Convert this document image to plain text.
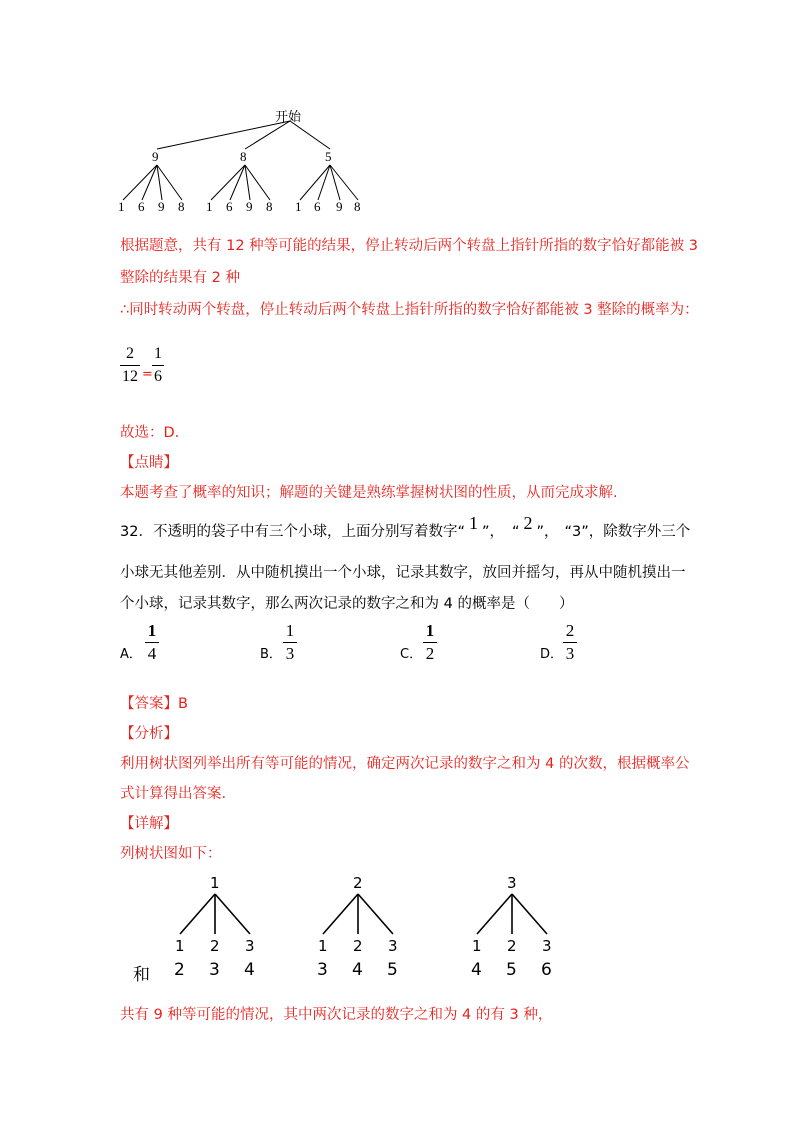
开始
9	8	5
1 6 9 8 1 6 9 8 1 6 9 8
根据题意，共有 12 种等可能的结果，停止转动后两个转盘上指针所指的数字恰好都能被 3
整除的结果有 2 种
∴同时转动两个转盘，停止转动后两个转盘上指针所指的数字恰好都能被 3 整除的概率为：
2
12 =
1
6
故选：D.
【点睛】
本题考查了概率的知识；解题的关键是熟练掌握树状图的性质，从而完成求解.
32．不透明的袋子中有三个小球，上面分别写着数字“ 1 ”， “ 2 ”， “3”，除数字外三个
小球无其他差别．从中随机摸出一个小球，记录其数字，放回并摇匀，再从中随机摸出一
个小球，记录其数字，那么两次记录的数字之和为 4 的概率是（　　）
A．
1
4	B．
1
3	C．
1
2	D．
2
3
【答案】B
【分析】
利用树状图列举出所有等可能的情况，确定两次记录的数字之和为 4 的次数，根据概率公
式计算得出答案.
【详解】
列树状图如下：
1	2	3
1 2 3	1 2 3	1 2 3
和 2 3 4	3 4 5	4 5 6
共有 9 种等可能的情况，其中两次记录的数字之和为 4 的有 3 种，
